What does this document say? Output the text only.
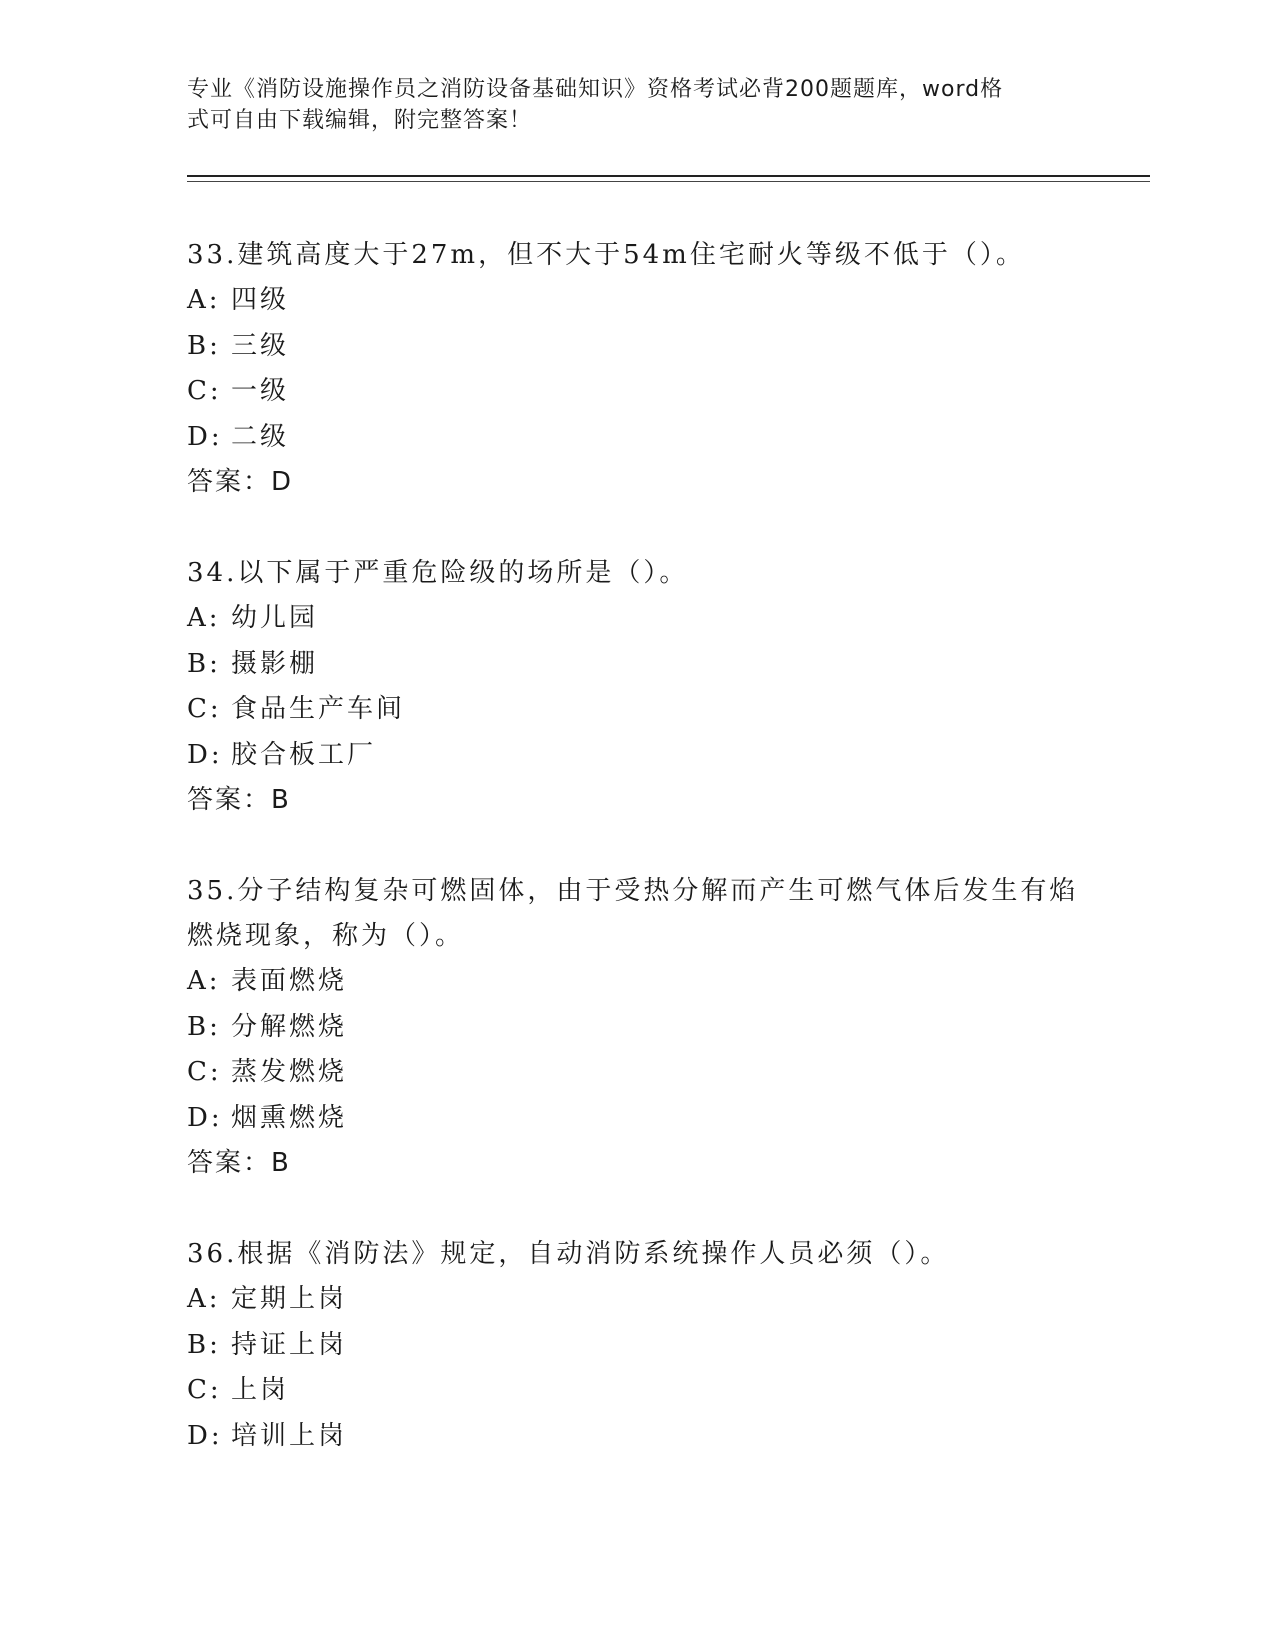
专业《消防设施操作员之消防设备基础知识》资格考试必背200题题库，word格
式可自由下载编辑，附完整答案！

33.建筑高度大于27m，但不大于54m住宅耐火等级不低于（）。

A: 四级

B: 三级

C: 一级

D: 二级

答案：D

34.以下属于严重危险级的场所是（）。

A: 幼儿园

B: 摄影棚

C: 食品生产车间

D: 胶合板工厂

答案：B

35.分子结构复杂可燃固体，由于受热分解而产生可燃气体后发生有焰燃烧现象，称为（）。

A: 表面燃烧

B: 分解燃烧

C: 蒸发燃烧

D: 烟熏燃烧

答案：B

36.根据《消防法》规定，自动消防系统操作人员必须（）。

A: 定期上岗

B: 持证上岗

C: 上岗

D: 培训上岗
